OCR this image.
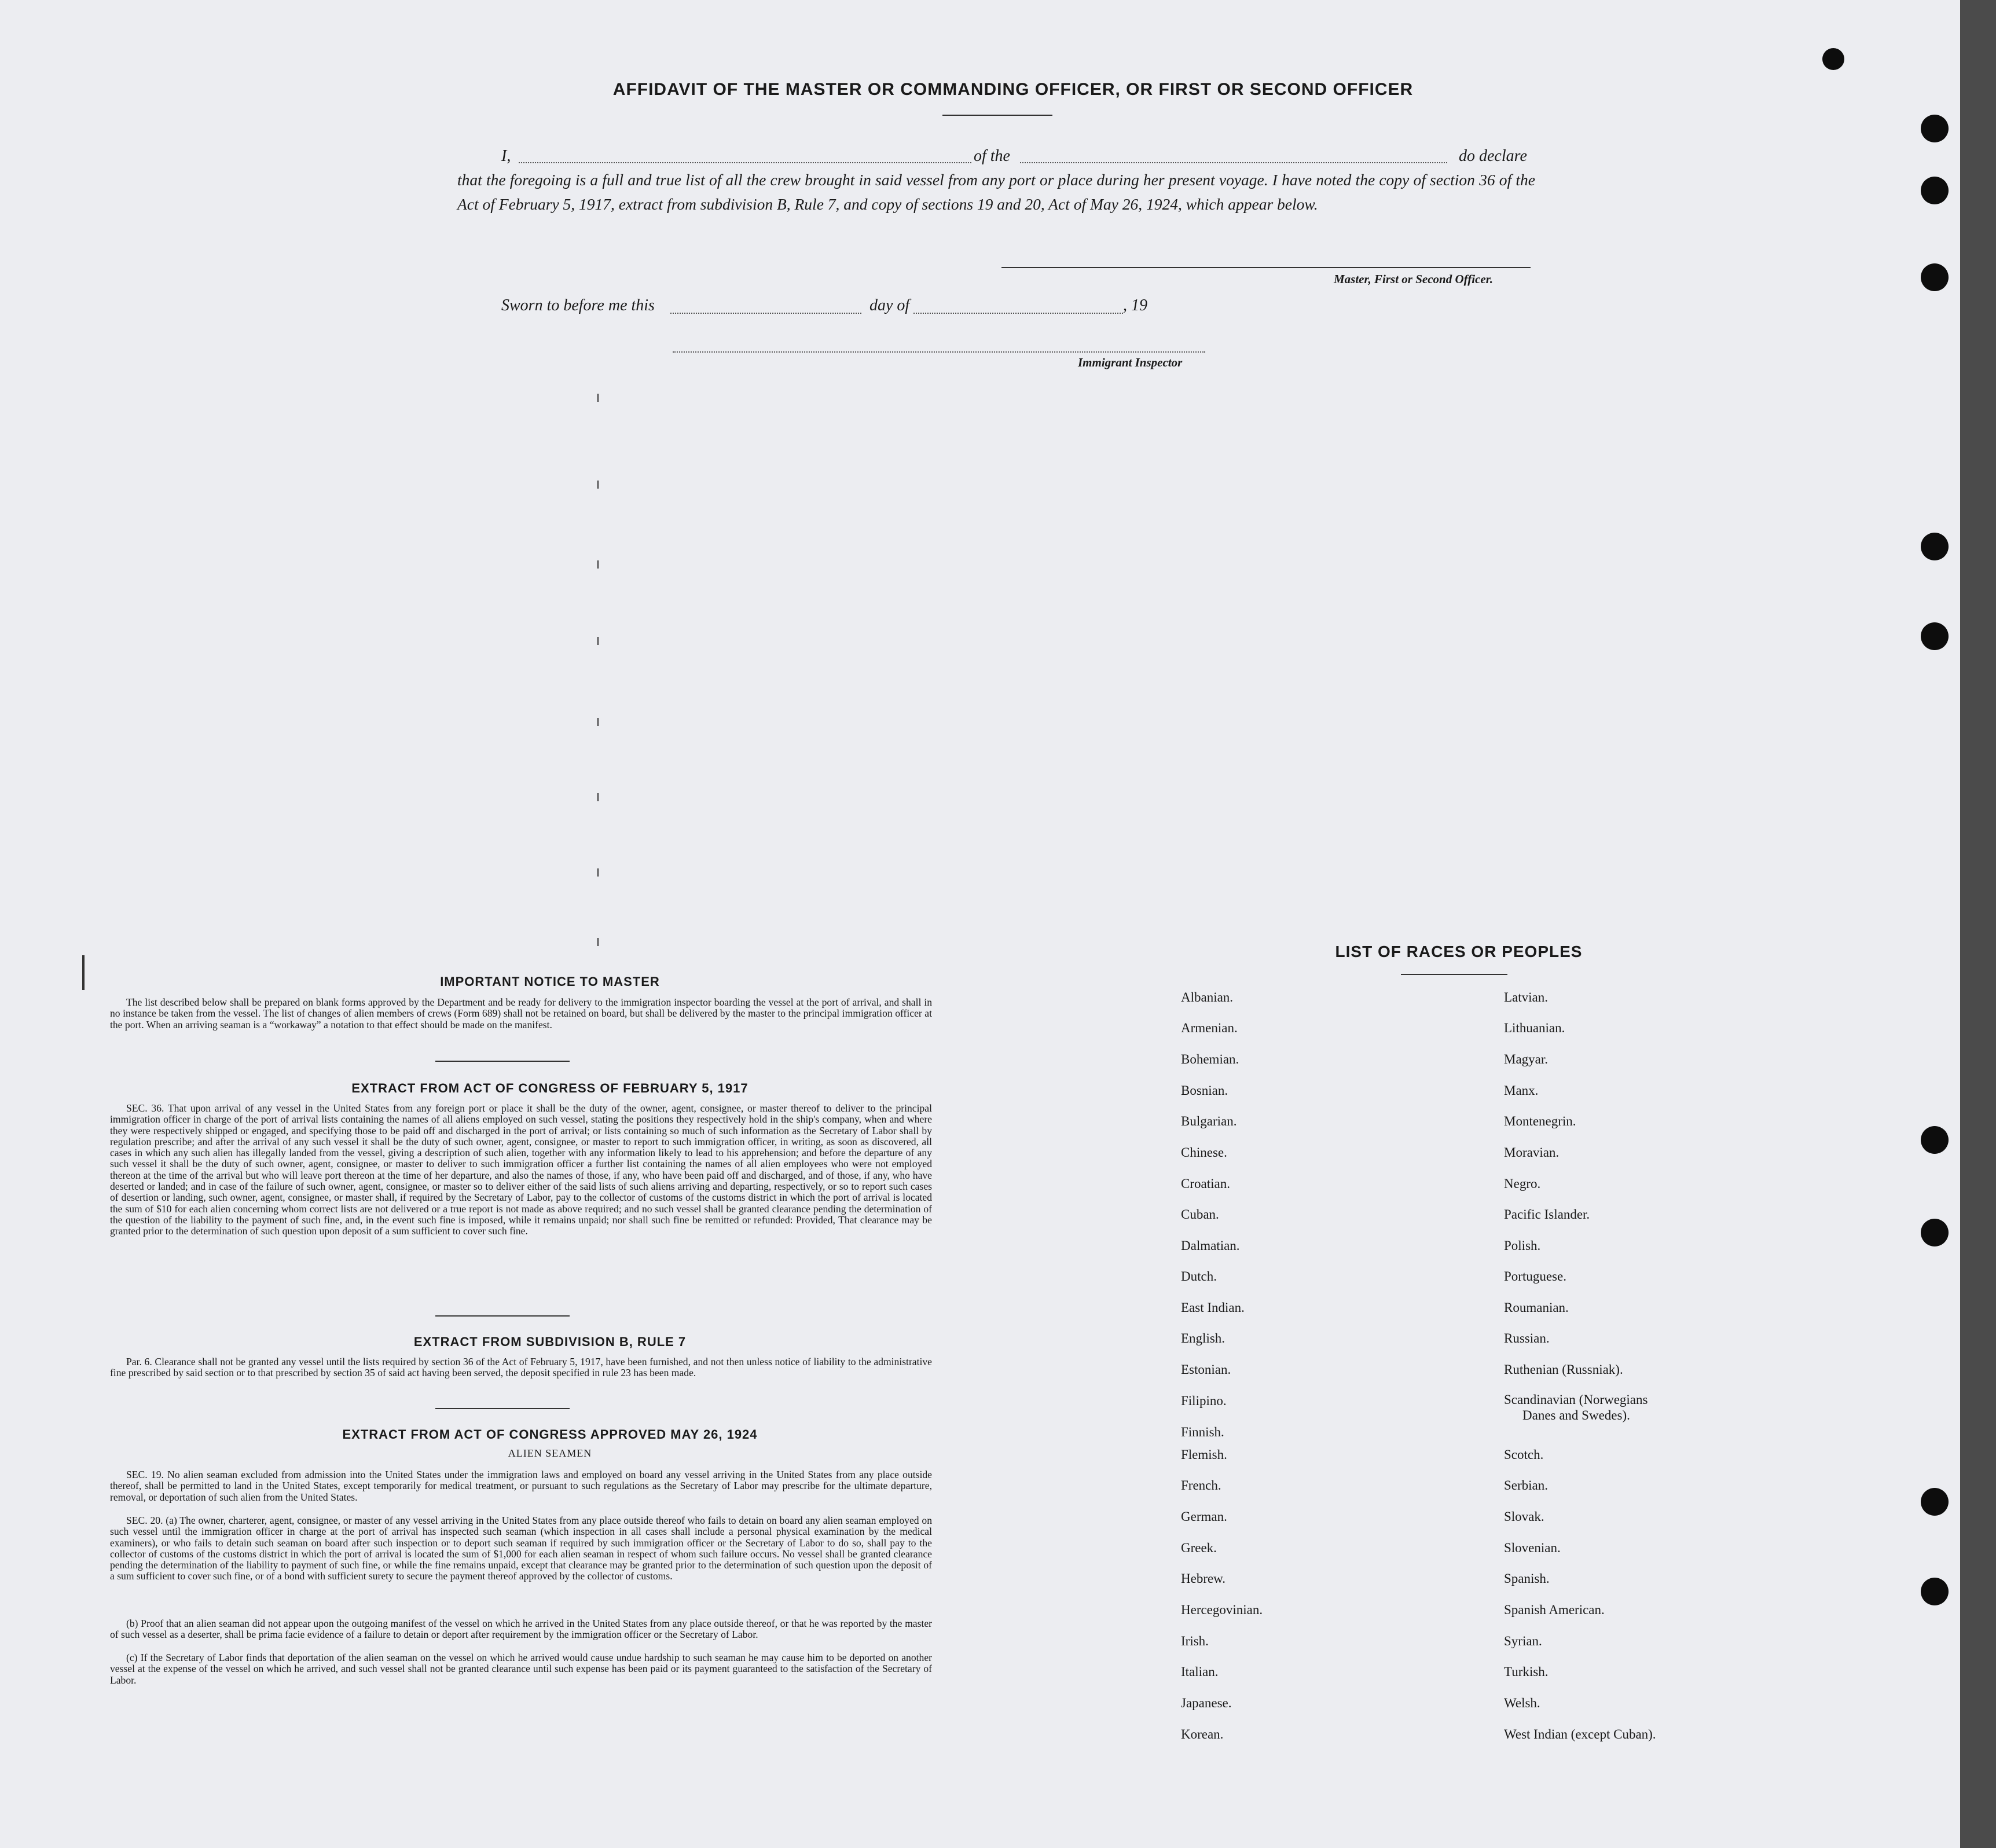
AFFIDAVIT OF THE MASTER OR COMMANDING OFFICER, OR FIRST OR SECOND OFFICER
I,	of the	do declare
that the foregoing is a full and true list of all the crew brought in said vessel from any port or place during her present voyage. I have noted the copy of section 36 of the Act of February 5, 1917, extract from subdivision B, Rule 7, and copy of sections 19 and 20, Act of May 26, 1924, which appear below.
Master, First or Second Officer.
Sworn to before me this	day of	, 19
Immigrant Inspector
IMPORTANT NOTICE TO MASTER
The list described below shall be prepared on blank forms approved by the Department and be ready for delivery to the immigration inspector boarding the vessel at the port of arrival, and shall in no instance be taken from the vessel. The list of changes of alien members of crews (Form 689) shall not be retained on board, but shall be delivered by the master to the principal immigration officer at the port. When an arriving seaman is a “workaway” a notation to that effect should be made on the manifest.
EXTRACT FROM ACT OF CONGRESS OF FEBRUARY 5, 1917
SEC. 36. That upon arrival of any vessel in the United States from any foreign port or place it shall be the duty of the owner, agent, consignee, or master thereof to deliver to the principal immigration officer in charge of the port of arrival lists containing the names of all aliens employed on such vessel, stating the positions they respectively hold in the ship's company, when and where they were respectively shipped or engaged, and specifying those to be paid off and discharged in the port of arrival; or lists containing so much of such information as the Secretary of Labor shall by regulation prescribe; and after the arrival of any such vessel it shall be the duty of such owner, agent, consignee, or master to report to such immigration officer, in writing, as soon as discovered, all cases in which any such alien has illegally landed from the vessel, giving a description of such alien, together with any information likely to lead to his apprehension; and before the departure of any such vessel it shall be the duty of such owner, agent, consignee, or master to deliver to such immigration officer a further list containing the names of all alien employees who were not employed thereon at the time of the arrival but who will leave port thereon at the time of her departure, and also the names of those, if any, who have been paid off and discharged, and of those, if any, who have deserted or landed; and in case of the failure of such owner, agent, consignee, or master so to deliver either of the said lists of such aliens arriving and departing, respectively, or so to report such cases of desertion or landing, such owner, agent, consignee, or master shall, if required by the Secretary of Labor, pay to the collector of customs of the customs district in which the port of arrival is located the sum of $10 for each alien concerning whom correct lists are not delivered or a true report is not made as above required; and no such vessel shall be granted clearance pending the determination of the question of the liability to the payment of such fine, and, in the event such fine is imposed, while it remains unpaid; nor shall such fine be remitted or refunded: Provided, That clearance may be granted prior to the determination of such question upon deposit of a sum sufficient to cover such fine.
EXTRACT FROM SUBDIVISION B, RULE 7
Par. 6. Clearance shall not be granted any vessel until the lists required by section 36 of the Act of February 5, 1917, have been furnished, and not then unless notice of liability to the administrative fine prescribed by said section or to that prescribed by section 35 of said act having been served, the deposit specified in rule 23 has been made.
EXTRACT FROM ACT OF CONGRESS APPROVED MAY 26, 1924
ALIEN SEAMEN
SEC. 19. No alien seaman excluded from admission into the United States under the immigration laws and employed on board any vessel arriving in the United States from any place outside thereof, shall be permitted to land in the United States, except temporarily for medical treatment, or pursuant to such regulations as the Secretary of Labor may prescribe for the ultimate departure, removal, or deportation of such alien from the United States.
SEC. 20. (a) The owner, charterer, agent, consignee, or master of any vessel arriving in the United States from any place outside thereof who fails to detain on board any alien seaman employed on such vessel until the immigration officer in charge at the port of arrival has inspected such seaman (which inspection in all cases shall include a personal physical examination by the medical examiners), or who fails to detain such seaman on board after such inspection or to deport such seaman if required by such immigration officer or the Secretary of Labor to do so, shall pay to the collector of customs of the customs district in which the port of arrival is located the sum of $1,000 for each alien seaman in respect of whom such failure occurs. No vessel shall be granted clearance pending the determination of the liability to payment of such fine, or while the fine remains unpaid, except that clearance may be granted prior to the determination of such question upon the deposit of a sum sufficient to cover such fine, or of a bond with sufficient surety to secure the payment thereof approved by the collector of customs.
(b) Proof that an alien seaman did not appear upon the outgoing manifest of the vessel on which he arrived in the United States from any place outside thereof, or that he was reported by the master of such vessel as a deserter, shall be prima facie evidence of a failure to detain or deport after requirement by the immigration officer or the Secretary of Labor.
(c) If the Secretary of Labor finds that deportation of the alien seaman on the vessel on which he arrived would cause undue hardship to such seaman he may cause him to be deported on another vessel at the expense of the vessel on which he arrived, and such vessel shall not be granted clearance until such expense has been paid or its payment guaranteed to the satisfaction of the Secretary of Labor.
LIST OF RACES OR PEOPLES
Albanian.
Armenian.
Bohemian.
Bosnian.
Bulgarian.
Chinese.
Croatian.
Cuban.
Dalmatian.
Dutch.
East Indian.
English.
Estonian.
Filipino.
Finnish.
Flemish.
French.
German.
Greek.
Hebrew.
Hercegovinian.
Irish.
Italian.
Japanese.
Korean.
Latvian.
Lithuanian.
Magyar.
Manx.
Montenegrin.
Moravian.
Negro.
Pacific Islander.
Polish.
Portuguese.
Roumanian.
Russian.
Ruthenian (Russniak).
Scandinavian (Norwegians
Danes and Swedes).
Scotch.
Serbian.
Slovak.
Slovenian.
Spanish.
Spanish American.
Syrian.
Turkish.
Welsh.
West Indian (except Cuban).
